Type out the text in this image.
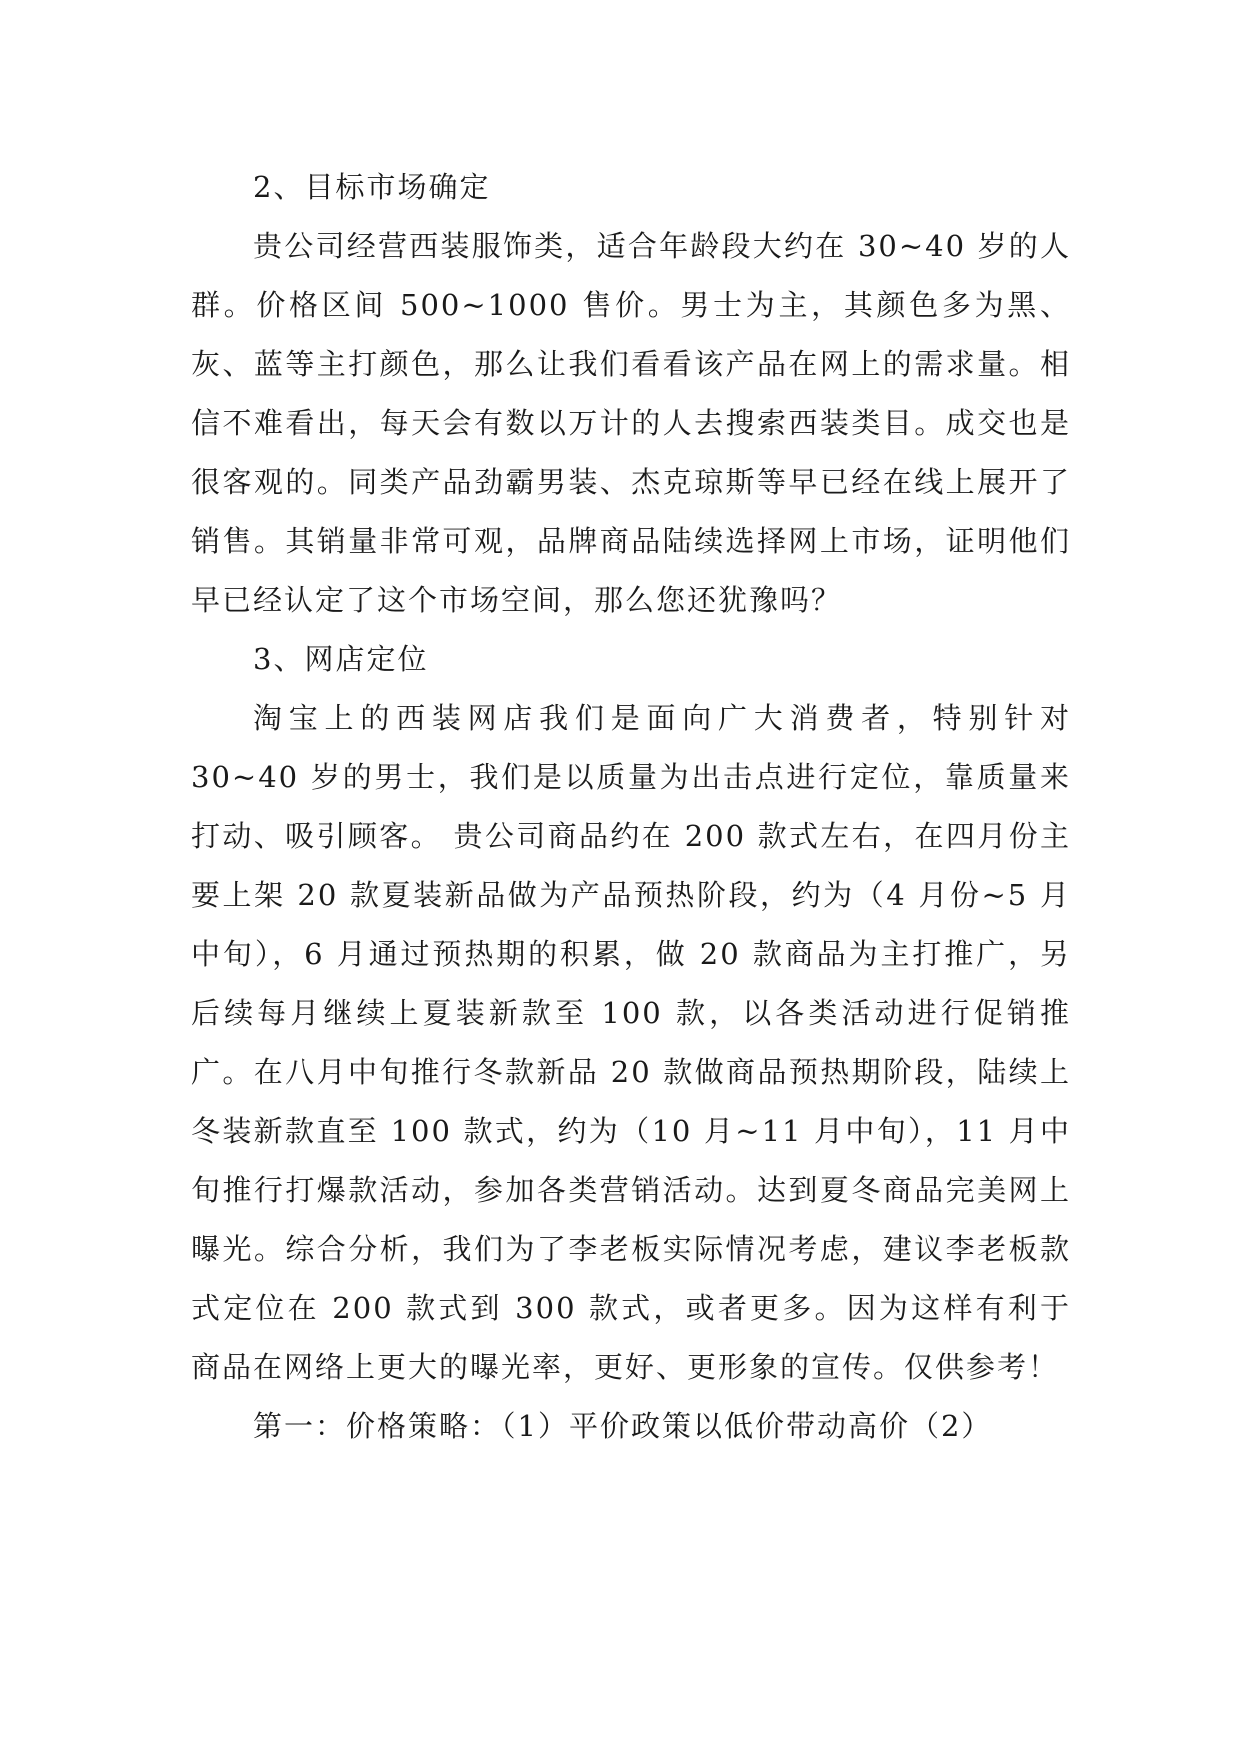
2、目标市场确定

贵公司经营西装服饰类，适合年龄段大约在 30~40 岁的人群。价格区间 500~1000 售价。男士为主，其颜色多为黑、灰、蓝等主打颜色，那么让我们看看该产品在网上的需求量。相信不难看出，每天会有数以万计的人去搜索西装类目。成交也是很客观的。同类产品劲霸男装、杰克琼斯等早已经在线上展开了销售。其销量非常可观，品牌商品陆续选择网上市场，证明他们早已经认定了这个市场空间，那么您还犹豫吗？

3、网店定位

淘宝上的西装网店我们是面向广大消费者，特别针对 30~40 岁的男士，我们是以质量为出击点进行定位，靠质量来打动、吸引顾客。 贵公司商品约在 200 款式左右，在四月份主要上架 20 款夏装新品做为产品预热阶段，约为（4 月份~5 月中旬），6 月通过预热期的积累，做 20 款商品为主打推广，另后续每月继续上夏装新款至 100 款，以各类活动进行促销推广。在八月中旬推行冬款新品 20 款做商品预热期阶段，陆续上冬装新款直至 100 款式，约为（10 月~11 月中旬），11 月中旬推行打爆款活动，参加各类营销活动。达到夏冬商品完美网上曝光。综合分析，我们为了李老板实际情况考虑，建议李老板款式定位在 200 款式到 300 款式，或者更多。因为这样有利于商品在网络上更大的曝光率，更好、更形象的宣传。仅供参考！

第一：价格策略：（1）平价政策以低价带动高价（2）
